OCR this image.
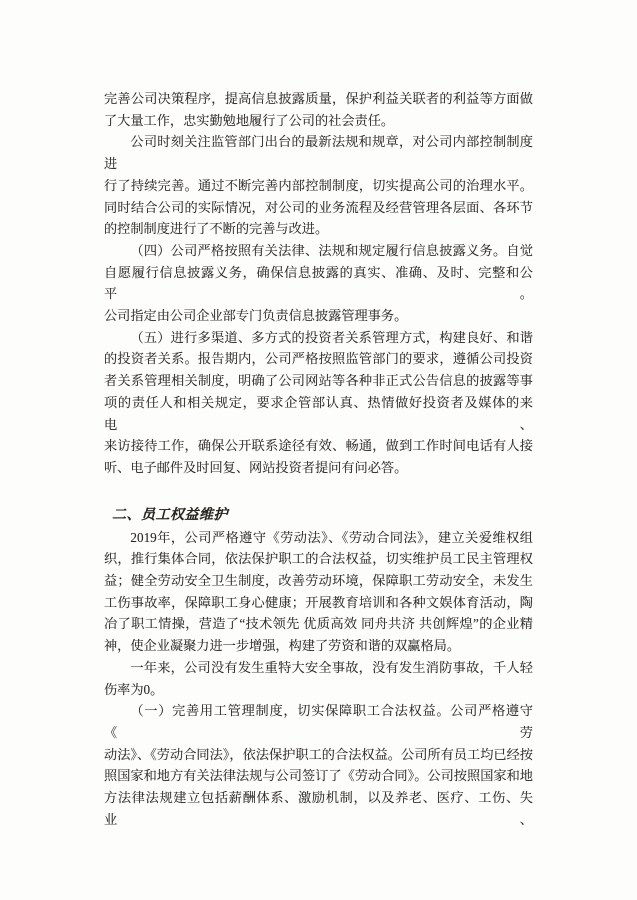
完善公司决策程序，提高信息披露质量，保护利益关联者的利益等方面做
了大量工作，忠实勤勉地履行了公司的社会责任。
公司时刻关注监管部门出台的最新法规和规章，对公司内部控制制度进
行了持续完善。通过不断完善内部控制制度，切实提高公司的治理水平。
同时结合公司的实际情况，对公司的业务流程及经营管理各层面、各环节
的控制制度进行了不断的完善与改进。
（四）公司严格按照有关法律、法规和规定履行信息披露义务。自觉
自愿履行信息披露义务，确保信息披露的真实、准确、及时、完整和公平。
公司指定由公司企业部专门负责信息披露管理事务。
（五）进行多渠道、多方式的投资者关系管理方式，构建良好、和谐
的投资者关系。报告期内，公司严格按照监管部门的要求，遵循公司投资
者关系管理相关制度，明确了公司网站等各种非正式公告信息的披露等事
项的责任人和相关规定，要求企管部认真、热情做好投资者及媒体的来电、
来访接待工作，确保公开联系途径有效、畅通，做到工作时间电话有人接
听、电子邮件及时回复、网站投资者提问有问必答。
二、员工权益维护
2019年，公司严格遵守《劳动法》、《劳动合同法》，建立关爱维权组
织，推行集体合同，依法保护职工的合法权益，切实维护员工民主管理权
益；健全劳动安全卫生制度，改善劳动环境，保障职工劳动安全，未发生
工伤事故率，保障职工身心健康；开展教育培训和各种文娱体育活动，陶
冶了职工情操，营造了“技术领先 优质高效 同舟共济 共创辉煌”的企业精
神，使企业凝聚力进一步增强，构建了劳资和谐的双赢格局。
一年来，公司没有发生重特大安全事故，没有发生消防事故，千人轻
伤率为0。
（一）完善用工管理制度，切实保障职工合法权益。公司严格遵守《劳
动法》、《劳动合同法》，依法保护职工的合法权益。公司所有员工均已经按
照国家和地方有关法律法规与公司签订了《劳动合同》。公司按照国家和地
方法律法规建立包括薪酬体系、激励机制，以及养老、医疗、工伤、失业、
